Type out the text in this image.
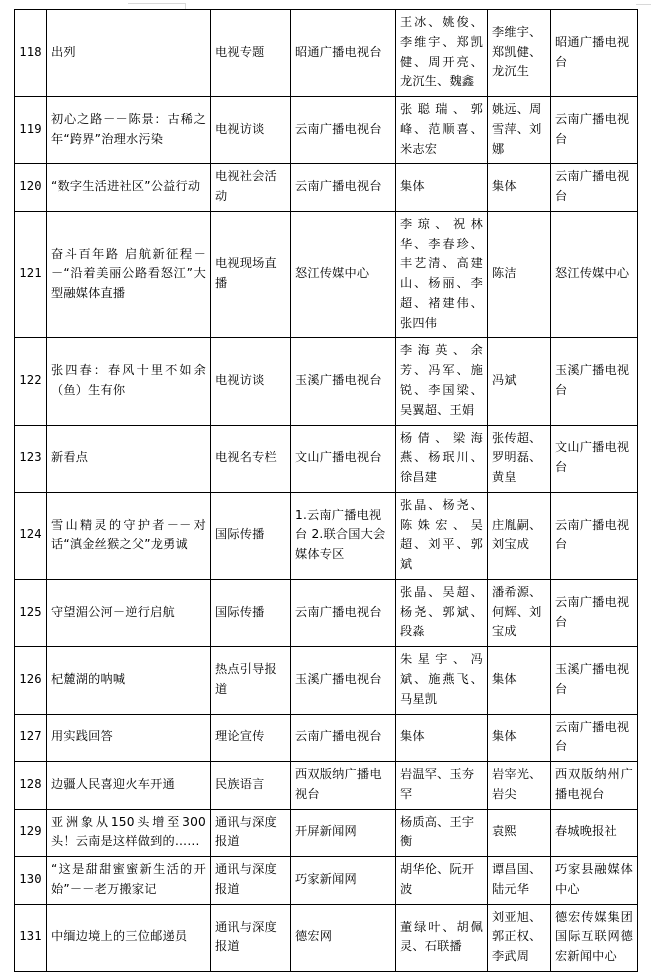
118	出列	电视专题	昭通广播电视台	王冰、姚俊、李维宇、郑凯健、周开亮、龙沉生、魏鑫	李维宇、郑凯健、龙沉生	昭通广播电视台
119	初心之路－－陈景：古稀之年“跨界”治理水污染	电视访谈	云南广播电视台	张聪瑞、郭峰、范顺喜、米志宏	姚远、周雪萍、刘娜	云南广播电视台
120	“数字生活进社区”公益行动	电视社会活动	云南广播电视台	集体	集体	云南广播电视台
121	奋斗百年路 启航新征程－－“沿着美丽公路看怒江”大型融媒体直播	电视现场直播	怒江传媒中心	李琼、祝林华、李春珍、丰艺清、高建山、杨丽、李超、褚建伟、张四伟	陈洁	怒江传媒中心
122	张四春：春风十里不如余（鱼）生有你	电视访谈	玉溪广播电视台	李海英、余芳、冯军、施锐、李国梁、吴翼超、王娟	冯斌	玉溪广播电视台
123	新看点	电视名专栏	文山广播电视台	杨倩、梁海燕、杨珉川、徐昌建	张传超、罗明磊、黄皇	文山广播电视台
124	雪山精灵的守护者－－对话“滇金丝猴之父”龙勇诚	国际传播	1.云南广播电视台 2.联合国大会媒体专区	张晶、杨尧、陈姝宏、吴超、刘平、郭斌	庄胤嗣、刘宝成	云南广播电视台
125	守望湄公河－逆行启航	国际传播	云南广播电视台	张晶、吴超、杨尧、郭斌、段淼	潘希源、何辉、刘宝成	云南广播电视台
126	杞麓湖的呐喊	热点引导报道	玉溪广播电视台	朱星宇、冯斌、施燕飞、马星凯	集体	玉溪广播电视台
127	用实践回答	理论宣传	云南广播电视台	集体	集体	云南广播电视台
128	边疆人民喜迎火车开通	民族语言	西双版纳广播电视台	岩温罕、玉夯罕	岩宰光、岩尖	西双版纳州广播电视台
129	亚洲象从150头增至300头！云南是这样做到的……	通讯与深度报道	开屏新闻网	杨质高、王宇衡	袁熙	春城晚报社
130	“这是甜甜蜜蜜新生活的开始”－－老万搬家记	通讯与深度报道	巧家新闻网	胡华伦、阮开波	谭昌国、陆元华	巧家县融媒体中心
131	中缅边境上的三位邮递员	通讯与深度报道	德宏网	董绿叶、胡佩灵、石联播	刘亚旭、郭正权、李武周	德宏传媒集团国际互联网德宏新闻中心
